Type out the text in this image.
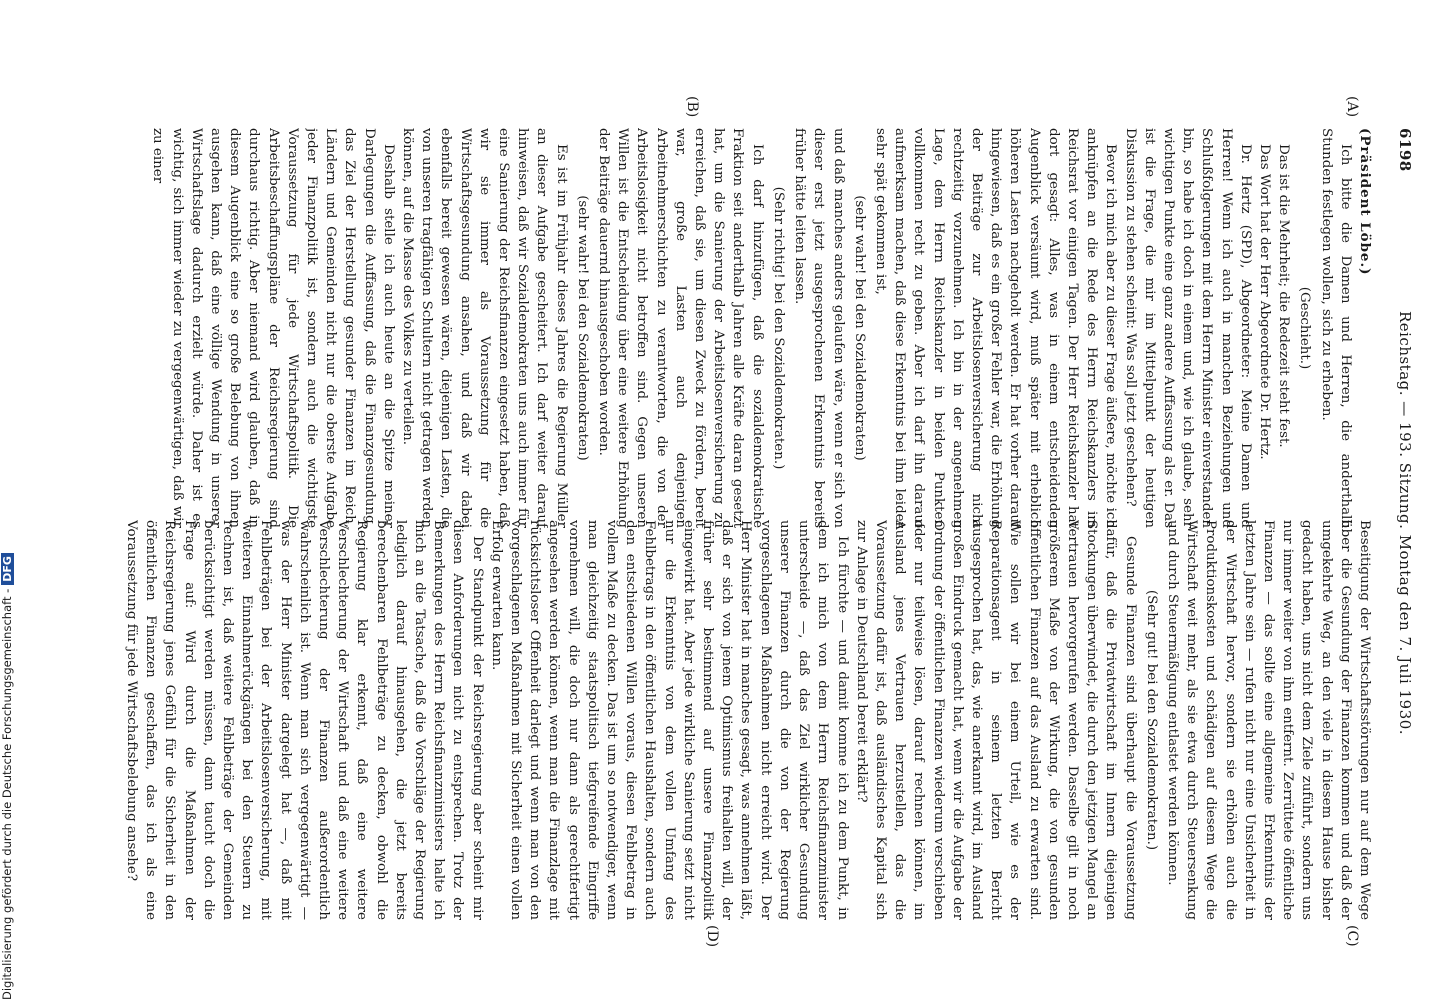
6198
Reichstag. — 193. Sitzung. Montag den 7. Juli 1930.
(A)
(B)
(C)
(D)

(Präsident Löbe.)

Ich bitte die Damen und Herren, die anderthalb Stunden festlegen wollen, sich zu erheben.

(Geschieht.)

Das ist die Mehrheit; die Redezeit steht fest.

Das Wort hat der Herr Abgeordnete Dr. Hertz.

Dr. Hertz (SPD), Abgeordneter: Meine Damen und Herren! Wenn ich auch in manchen Beziehungen und Schlußfolgerungen mit dem Herrn Minister einverstanden bin, so habe ich doch in einem und, wie ich glaube, sehr wichtigen Punkte eine ganz andere Auffassung als er. Das ist die Frage, die mir im Mittelpunkt der heutigen Diskussion zu stehen scheint: Was soll jetzt geschehen?

Bevor ich mich aber zu dieser Frage äußere, möchte ich anknüpfen an die Rede des Herrn Reichskanzlers im Reichsrat vor einigen Tagen. Der Herr Reichskanzler hat dort gesagt: Alles, was in einem entscheidenden Augenblick versäumt wird, muß später mit erheblich höheren Lasten nachgeholt werden. Er hat vorher darauf hingewiesen, daß es ein großer Fehler war, die Erhöhung der Beiträge zur Arbeitslosenversicherung nicht rechtzeitig vorzunehmen. Ich bin in der angenehmen Lage, dem Herrn Reichskanzler in beiden Punkten vollkommen recht zu geben. Aber ich darf ihn darauf aufmerksam machen, daß diese Erkenntnis bei ihm leider sehr spät gekommen ist,

(sehr wahr! bei den Sozialdemokraten)

und daß manches anders gelaufen wäre, wenn er sich von dieser erst jetzt ausgesprochenen Erkenntnis bereits früher hätte leiten lassen.

(Sehr richtig! bei den Sozialdemokraten.)

Ich darf hinzufügen, daß die sozialdemokratische Fraktion seit anderthalb Jahren alle Kräfte daran gesetzt hat, um die Sanierung der Arbeitslosenversicherung zu erreichen, daß sie, um diesen Zweck zu fördern, bereit war, große Lasten auch denjenigen Arbeitnehmerschichten zu verantworten, die von der Arbeitslosigkeit nicht betroffen sind. Gegen unseren Willen ist die Entscheidung über eine weitere Erhöhung der Beiträge dauernd hinausgeschoben worden.

(sehr wahr! bei den Sozialdemokraten)

Es ist im Frühjahr dieses Jahres die Regierung Müller an dieser Aufgabe gescheitert. Ich darf weiter darauf hinweisen, daß wir Sozialdemokraten uns auch immer für eine Sanierung der Reichsfinanzen eingesetzt haben, daß wir sie immer als Voraussetzung für die Wirtschaftsgesundung ansahen, und daß wir dabei ebenfalls bereit gewesen wären, diejenigen Lasten, die von unseren tragfähigen Schultern nicht getragen werden können, auf die Masse des Volkes zu verteilen.

Deshalb stelle ich auch heute an die Spitze meiner Darlegungen die Auffassung, daß die Finanzgesundung, das Ziel der Herstellung gesunder Finanzen im Reich, Ländern und Gemeinden nicht nur die oberste Aufgabe jeder Finanzpolitik ist, sondern auch die wichtigste Voraussetzung für jede Wirtschaftspolitik. Die Arbeitsbeschaffungspläne der Reichsregierung sind durchaus richtig. Aber niemand wird glauben, daß in diesem Augenblick eine so große Belebung von ihnen ausgehen kann, daß eine völlige Wendung in unserer Wirtschaftslage dadurch erzielt würde. Daher ist es wichtig, sich immer wieder zu vergegenwärtigen, daß wir zu einer

Beseitigung der Wirtschaftsstörungen nur auf dem Wege über die Gesundung der Finanzen kommen und daß der umgekehrte Weg, an den viele in diesem Hause bisher gedacht haben, uns nicht dem Ziele zuführt, sondern uns nur immer weiter von ihm entfernt. Zerrüttete öffentliche Finanzen — das sollte eine allgemeine Erkenntnis der letzten Jahre sein — rufen nicht nur eine Unsicherheit in der Wirtschaft hervor, sondern sie erhöhen auch die Produktionskosten und schädigen auf diesem Wege die Wirtschaft weit mehr, als sie etwa durch Steuersenkung und durch Steuermäßigung entlastet werden können.

(Sehr gut! bei den Sozialdemokraten.)

Gesunde Finanzen sind überhaupt die Voraussetzung dafür, daß die Privatwirtschaft im Innern diejenigen Stockungen überwindet, die durch den jetzigen Mangel an Vertrauen hervorgerufen werden. Dasselbe gilt in noch größerem Maße von der Wirkung, die von gesunden öffentlichen Finanzen auf das Ausland zu erwarten sind. Wie sollen wir bei einem Urteil, wie es der Reparationsagent in seinem letzten Bericht ausgesprochen hat, das, wie anerkannt wird, im Ausland großen Eindruck gemacht hat, wenn wir die Aufgabe der Ordnung der öffentlichen Finanzen wiederum verschieben oder nur teilweise lösen, darauf rechnen können, im Ausland jenes Vertrauen herzustellen, das die Voraussetzung dafür ist, daß ausländisches Kapital sich zur Anlage in Deutschland bereit erklärt?

Ich fürchte — und damit komme ich zu dem Punkt, in dem ich mich von dem Herrn Reichsfinanzminister unterscheide —, daß das Ziel wirklicher Gesundung unserer Finanzen durch die von der Regierung vorgeschlagenen Maßnahmen nicht erreicht wird. Der Herr Minister hat in manches gesagt, was annehmen läßt, daß er sich von jenem Optimismus freihalten will, der früher sehr bestimmend auf unsere Finanzpolitik eingewirkt hat. Aber jede wirkliche Sanierung setzt nicht nur die Erkenntnis von dem vollen Umfang des Fehlbetrags in den öffentlichen Haushalten, sondern auch den entschiedenen Willen voraus, diesen Fehlbetrag in vollem Maße zu decken. Das ist um so notwendiger, wenn man gleichzeitig staatspolitisch tiefgreifende Eingriffe vornehmen will, die doch nur dann als gerechtfertigt angesehen werden können, wenn man die Finanzlage mit rücksichtsloser Offenheit darlegt und wenn man von den vorgeschlagenen Maßnahmen mit Sicherheit einen vollen Erfolg erwarten kann.

Der Standpunkt der Reichsregierung aber scheint mir diesen Anforderungen nicht zu entsprechen. Trotz der Bemerkungen des Herrn Reichsfinanzministers halte ich mich an die Tatsache, daß die Vorschläge der Regierung lediglich darauf hinausgehen, die jetzt bereits berechenbaren Fehlbeträge zu decken, obwohl die Regierung klar erkennt, daß eine weitere Verschlechterung der Wirtschaft und daß eine weitere Verschlechterung der Finanzen außerordentlich wahrscheinlich ist. Wenn man sich vergegenwärtigt — was der Herr Minister dargelegt hat —, daß mit Fehlbeträgen bei der Arbeitslosenversicherung, mit weiteren Einnahmerückgängen bei den Steuern zu rechnen ist, daß weitere Fehlbeträge der Gemeinden berücksichtigt werden müssen, dann taucht doch die Frage auf: Wird durch die Maßnahmen der Reichsregierung jenes Gefühl für die Sicherheit in den öffentlichen Finanzen geschaffen, das ich als eine Voraussetzung für jede Wirtschaftsbelebung ansehe?

Digitalisierung gefördert durch die Deutsche Forschungsgemeinschaft -DFG
